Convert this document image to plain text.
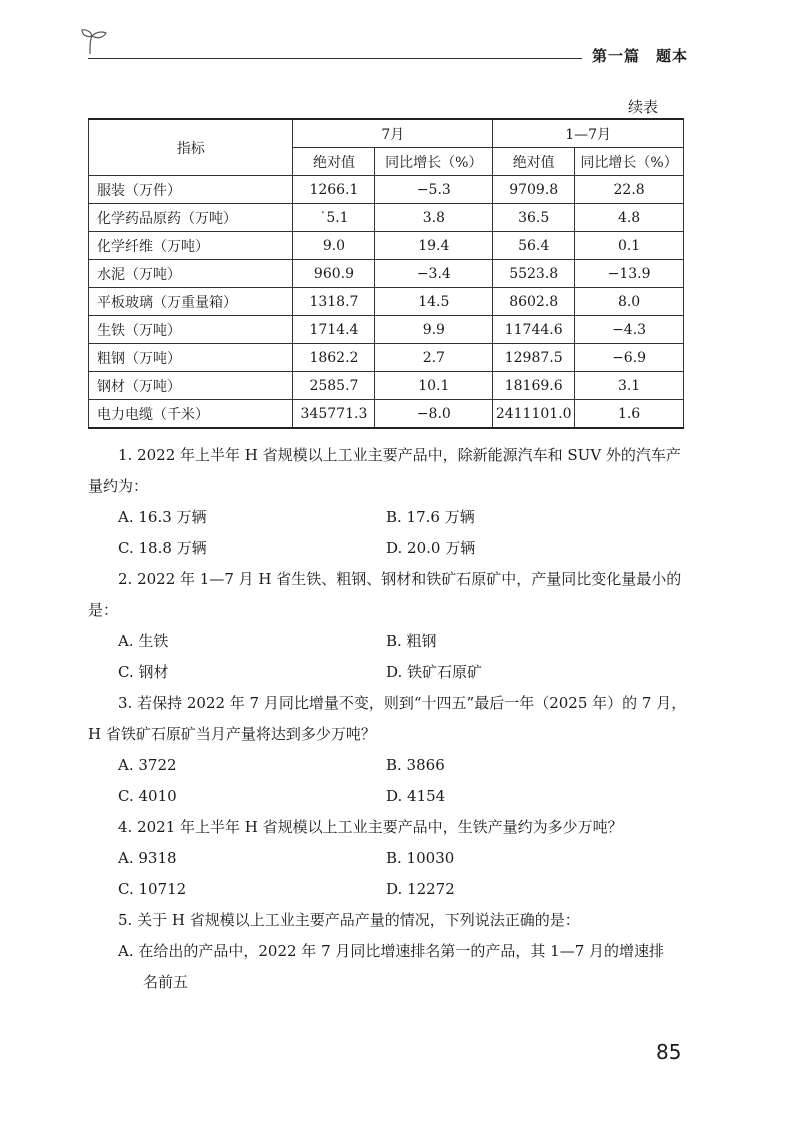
第一篇　题本
续表
指标	7月		1—7月	
	绝对值	同比增长（%）	绝对值	同比增长（%）
服装（万件）	1266.1	−5.3	9709.8	22.8
化学药品原药（万吨）	˙5.1	3.8	36.5	4.8
化学纤维（万吨）	9.0	19.4	56.4	0.1
水泥（万吨）	960.9	−3.4	5523.8	−13.9
平板玻璃（万重量箱）	1318.7	14.5	8602.8	8.0
生铁（万吨）	1714.4	9.9	11744.6	−4.3
粗钢（万吨）	1862.2	2.7	12987.5	−6.9
钢材（万吨）	2585.7	10.1	18169.6	3.1
电力电缆（千米）	345771.3	−8.0	2411101.0	1.6

1. 2022 年上半年 H 省规模以上工业主要产品中，除新能源汽车和 SUV 外的汽车产量约为：

A. 16.3 万辆	B. 17.6 万辆

C. 18.8 万辆	D. 20.0 万辆

2. 2022 年 1—7 月 H 省生铁、粗钢、钢材和铁矿石原矿中，产量同比变化量最小的是：

A. 生铁	B. 粗钢

C. 钢材	D. 铁矿石原矿

3. 若保持 2022 年 7 月同比增量不变，则到“十四五”最后一年（2025 年）的 7 月，H 省铁矿石原矿当月产量将达到多少万吨？

A. 3722	B. 3866

C. 4010	D. 4154

4. 2021 年上半年 H 省规模以上工业主要产品中，生铁产量约为多少万吨？

A. 9318	B. 10030

C. 10712	D. 12272

5. 关于 H 省规模以上工业主要产品产量的情况，下列说法正确的是：

A. 在给出的产品中，2022 年 7 月同比增速排名第一的产品，其 1—7 月的增速排
名前五

85
